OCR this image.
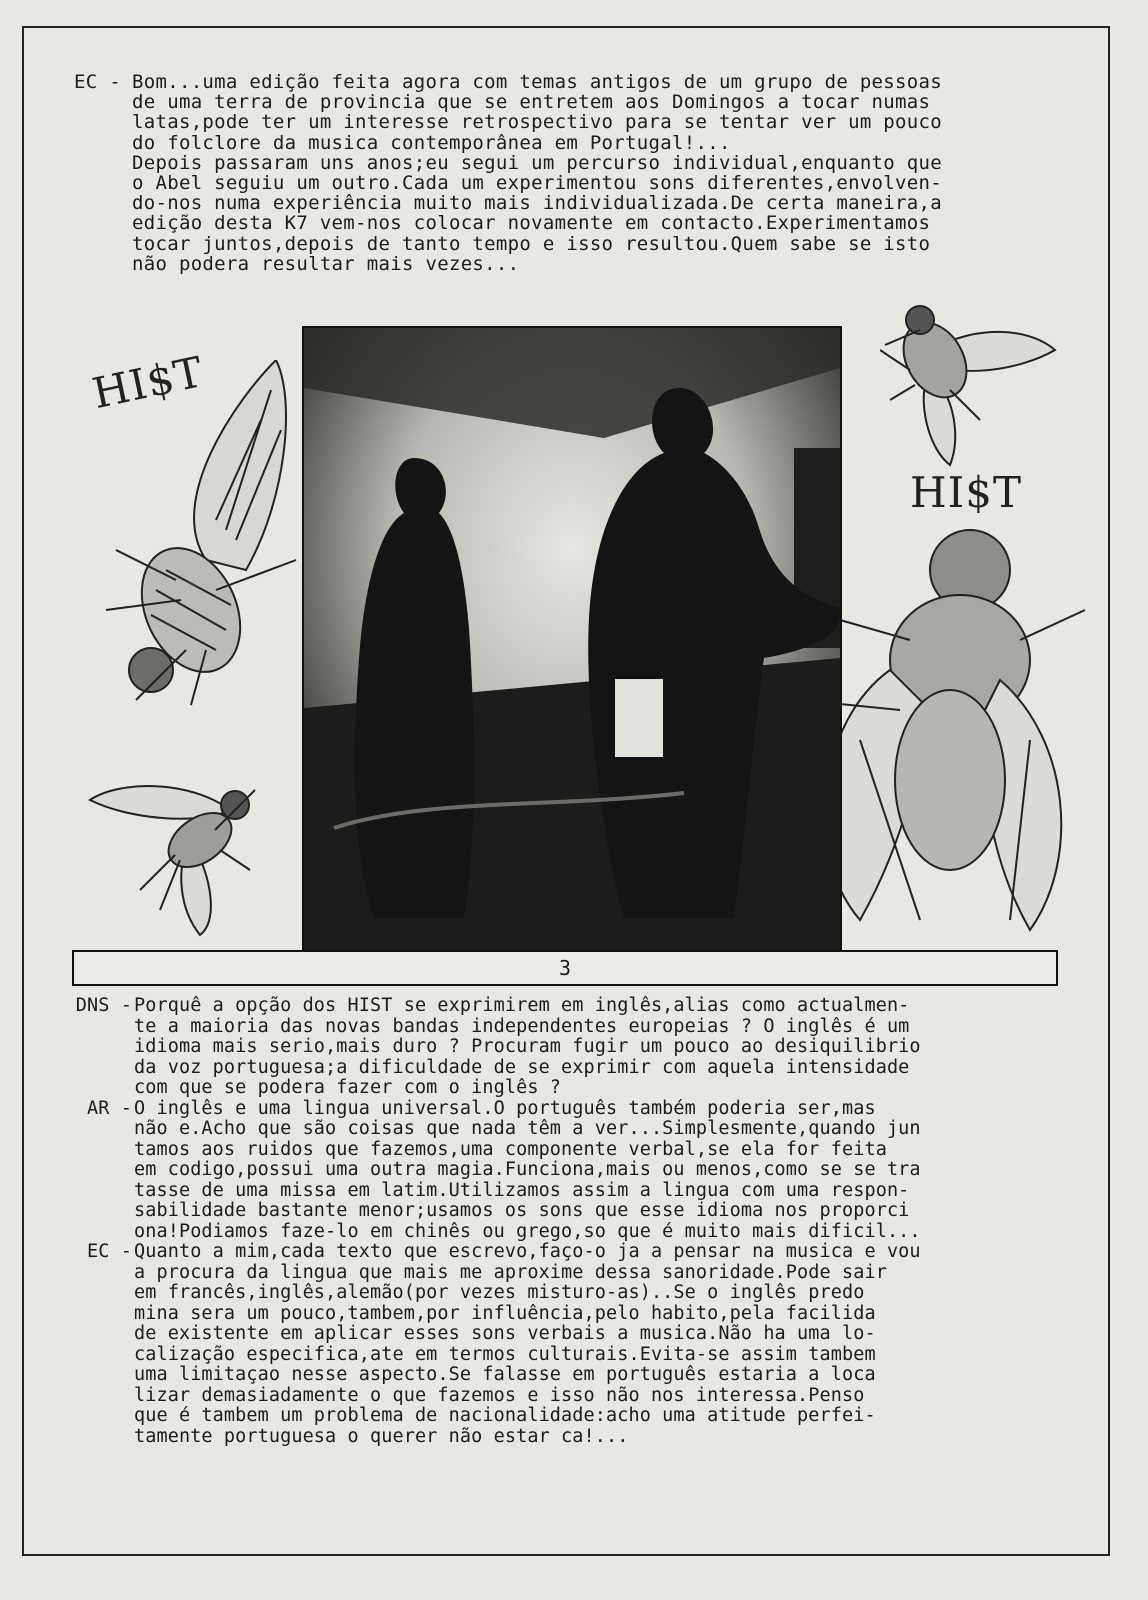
EC - Bom...uma edição feita agora com temas antigos de um grupo de pessoas
de uma terra de provincia que se entretem aos Domingos a tocar numas
latas,pode ter um interesse retrospectivo para se tentar ver um pouco
do folclore da musica contemporânea em Portugal!...
Depois passaram uns anos;eu segui um percurso individual,enquanto que
o Abel seguiu um outro.Cada um experimentou sons diferentes,envolven-
do-nos numa experiência muito mais individualizada.De certa maneira,a
edição desta K7 vem-nos colocar novamente em contacto.Experimentamos
tocar juntos,depois de tanto tempo e isso resultou.Quem sabe se isto
não podera resultar mais vezes...
HI$T
HI$T
3
DNS - Porquê a opção dos HIST se exprimirem em inglês,alias como actualmen-
te a maioria das novas bandas independentes europeias ? O inglês é um
idioma mais serio,mais duro ? Procuram fugir um pouco ao desiquilibrio
da voz portuguesa;a dificuldade de se exprimir com aquela intensidade
com que se podera fazer com o inglês ?
AR - O inglês e uma lingua universal.O português também poderia ser,mas
não e.Acho que são coisas que nada têm a ver...Simplesmente,quando jun
tamos aos ruidos que fazemos,uma componente verbal,se ela for feita
em codigo,possui uma outra magia.Funciona,mais ou menos,como se se tra
tasse de uma missa em latim.Utilizamos assim a lingua com uma respon-
sabilidade bastante menor;usamos os sons que esse idioma nos proporci
ona!Podiamos faze-lo em chinês ou grego,so que é muito mais dificil...
EC - Quanto a mim,cada texto que escrevo,faço-o ja a pensar na musica e vou
a procura da lingua que mais me aproxime dessa sanoridade.Pode sair
em francês,inglês,alemão(por vezes misturo-as)..Se o inglês predo
mina sera um pouco,tambem,por influência,pelo habito,pela facilida
de existente em aplicar esses sons verbais a musica.Não ha uma lo-
calização especifica,ate em termos culturais.Evita-se assim tambem
uma limitaçao nesse aspecto.Se falasse em português estaria a loca
lizar demasiadamente o que fazemos e isso não nos interessa.Penso
que é tambem um problema de nacionalidade:acho uma atitude perfei-
tamente portuguesa o querer não estar ca!...
